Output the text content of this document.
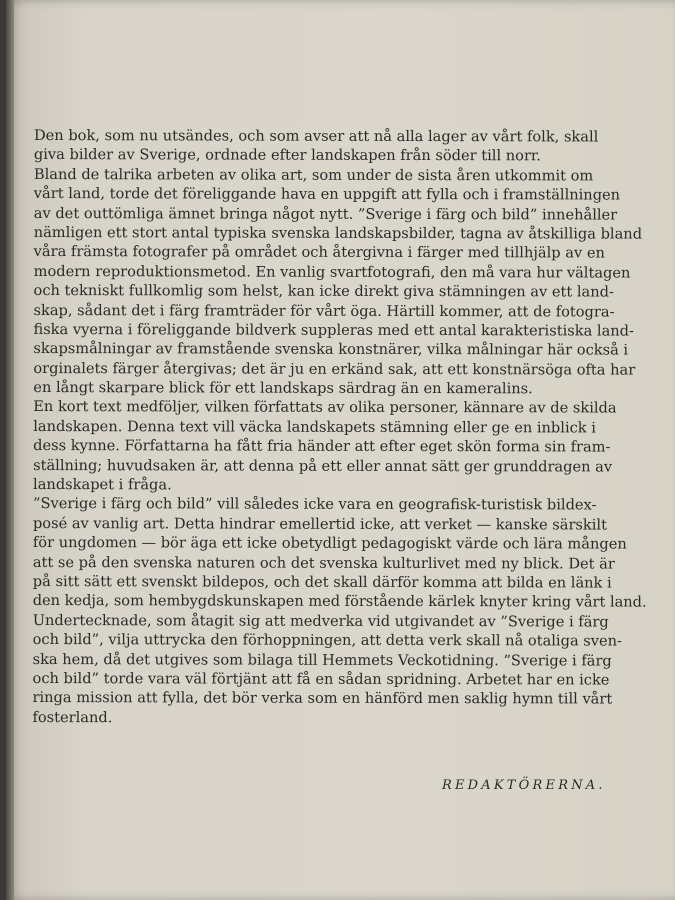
Den bok, som nu utsändes, och som avser att nå alla lager av vårt folk, skall
giva bilder av Sverige, ordnade efter landskapen från söder till norr.
Bland de talrika arbeten av olika art, som under de sista åren utkommit om
vårt land, torde det föreliggande hava en uppgift att fylla och i framställningen
av det outtömliga ämnet bringa något nytt. ”Sverige i färg och bild” innehåller
nämligen ett stort antal typiska svenska landskapsbilder, tagna av åtskilliga bland
våra främsta fotografer på området och återgivna i färger med tillhjälp av en
modern reproduktionsmetod. En vanlig svartfotografi, den må vara hur vältagen
och tekniskt fullkomlig som helst, kan icke direkt giva stämningen av ett land-
skap, sådant det i färg framträder för vårt öga. Härtill kommer, att de fotogra-
fiska vyerna i föreliggande bildverk suppleras med ett antal karakteristiska land-
skapsmålningar av framstående svenska konstnärer, vilka målningar här också i
orginalets färger återgivas; det är ju en erkänd sak, att ett konstnärsöga ofta har
en långt skarpare blick för ett landskaps särdrag än en kameralins.
En kort text medföljer, vilken författats av olika personer, kännare av de skilda
landskapen. Denna text vill väcka landskapets stämning eller ge en inblick i
dess kynne. Författarna ha fått fria händer att efter eget skön forma sin fram-
ställning; huvudsaken är, att denna på ett eller annat sätt ger grunddragen av
landskapet i fråga.
”Sverige i färg och bild” vill således icke vara en geografisk-turistisk bildex-
posé av vanlig art. Detta hindrar emellertid icke, att verket — kanske särskilt
för ungdomen — bör äga ett icke obetydligt pedagogiskt värde och lära mången
att se på den svenska naturen och det svenska kulturlivet med ny blick. Det är
på sitt sätt ett svenskt bildepos, och det skall därför komma att bilda en länk i
den kedja, som hembygdskunskapen med förstående kärlek knyter kring vårt land.
Undertecknade, som åtagit sig att medverka vid utgivandet av ”Sverige i färg
och bild”, vilja uttrycka den förhoppningen, att detta verk skall nå otaliga sven-
ska hem, då det utgives som bilaga till Hemmets Veckotidning. ”Sverige i färg
och bild” torde vara väl förtjänt att få en sådan spridning. Arbetet har en icke
ringa mission att fylla, det bör verka som en hänförd men saklig hymn till vårt
fosterland.
REDAKTÖRERNA.
